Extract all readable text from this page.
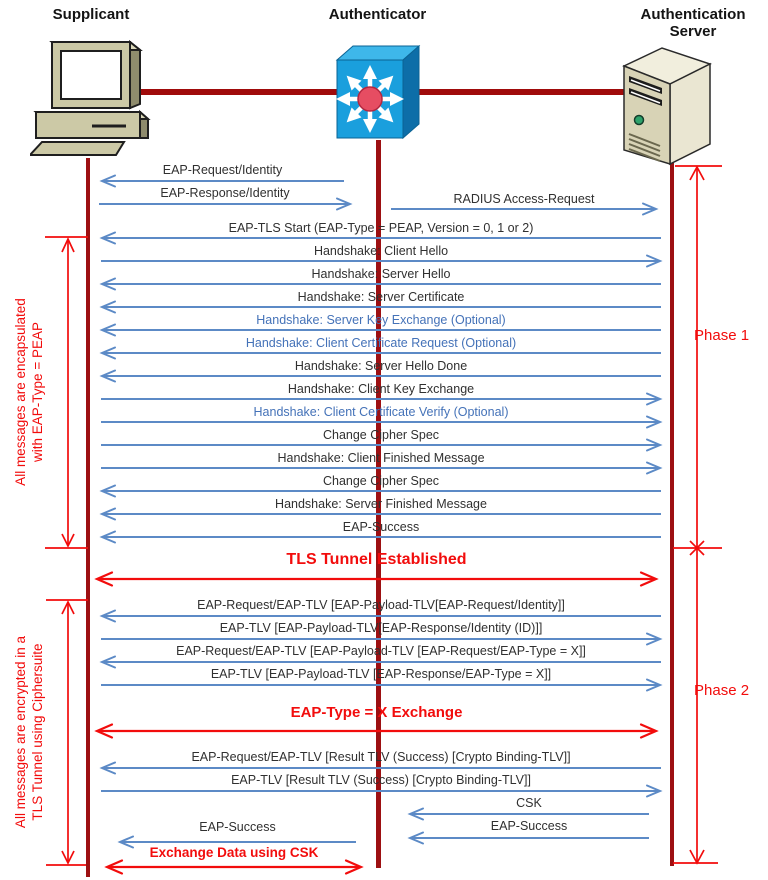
Supplicant	Authenticator	Authentication Server
EAP-Request/Identity
EAP-Response/Identity	RADIUS Access-Request
EAP-TLS Start (EAP-Type = PEAP, Version = 0, 1 or 2)
Handshake: Client Hello
Handshake: Server Hello
Handshake: Server Certificate
Handshake: Server Key Exchange (Optional)
Handshake: Client Certificate Request (Optional)
Handshake: Server Hello Done
Handshake: Client Key Exchange
Handshake: Client Certificate Verify (Optional)
Change Cipher Spec
Handshake: Client Finished Message
Change Cipher Spec
Handshake: Server Finished Message
EAP-Success
TLS Tunnel Established
EAP-Request/EAP-TLV [EAP-Payload-TLV[EAP-Request/Identity]]
EAP-TLV [EAP-Payload-TLV[EAP-Response/Identity (ID)]]
EAP-Request/EAP-TLV [EAP-Payload-TLV [EAP-Request/EAP-Type = X]]
EAP-TLV [EAP-Payload-TLV [EAP-Response/EAP-Type = X]]
EAP-Type = X Exchange
EAP-Request/EAP-TLV [Result TLV (Success) [Crypto Binding-TLV]]
EAP-TLV [Result TLV (Success) [Crypto Binding-TLV]]
CSK
EAP-Success
EAP-Success
Exchange Data using CSK
All messages are encapsulated with EAP-Type = PEAP
All messages are encrypted in a TLS Tunnel using Ciphersuite
Phase 1
Phase 2
